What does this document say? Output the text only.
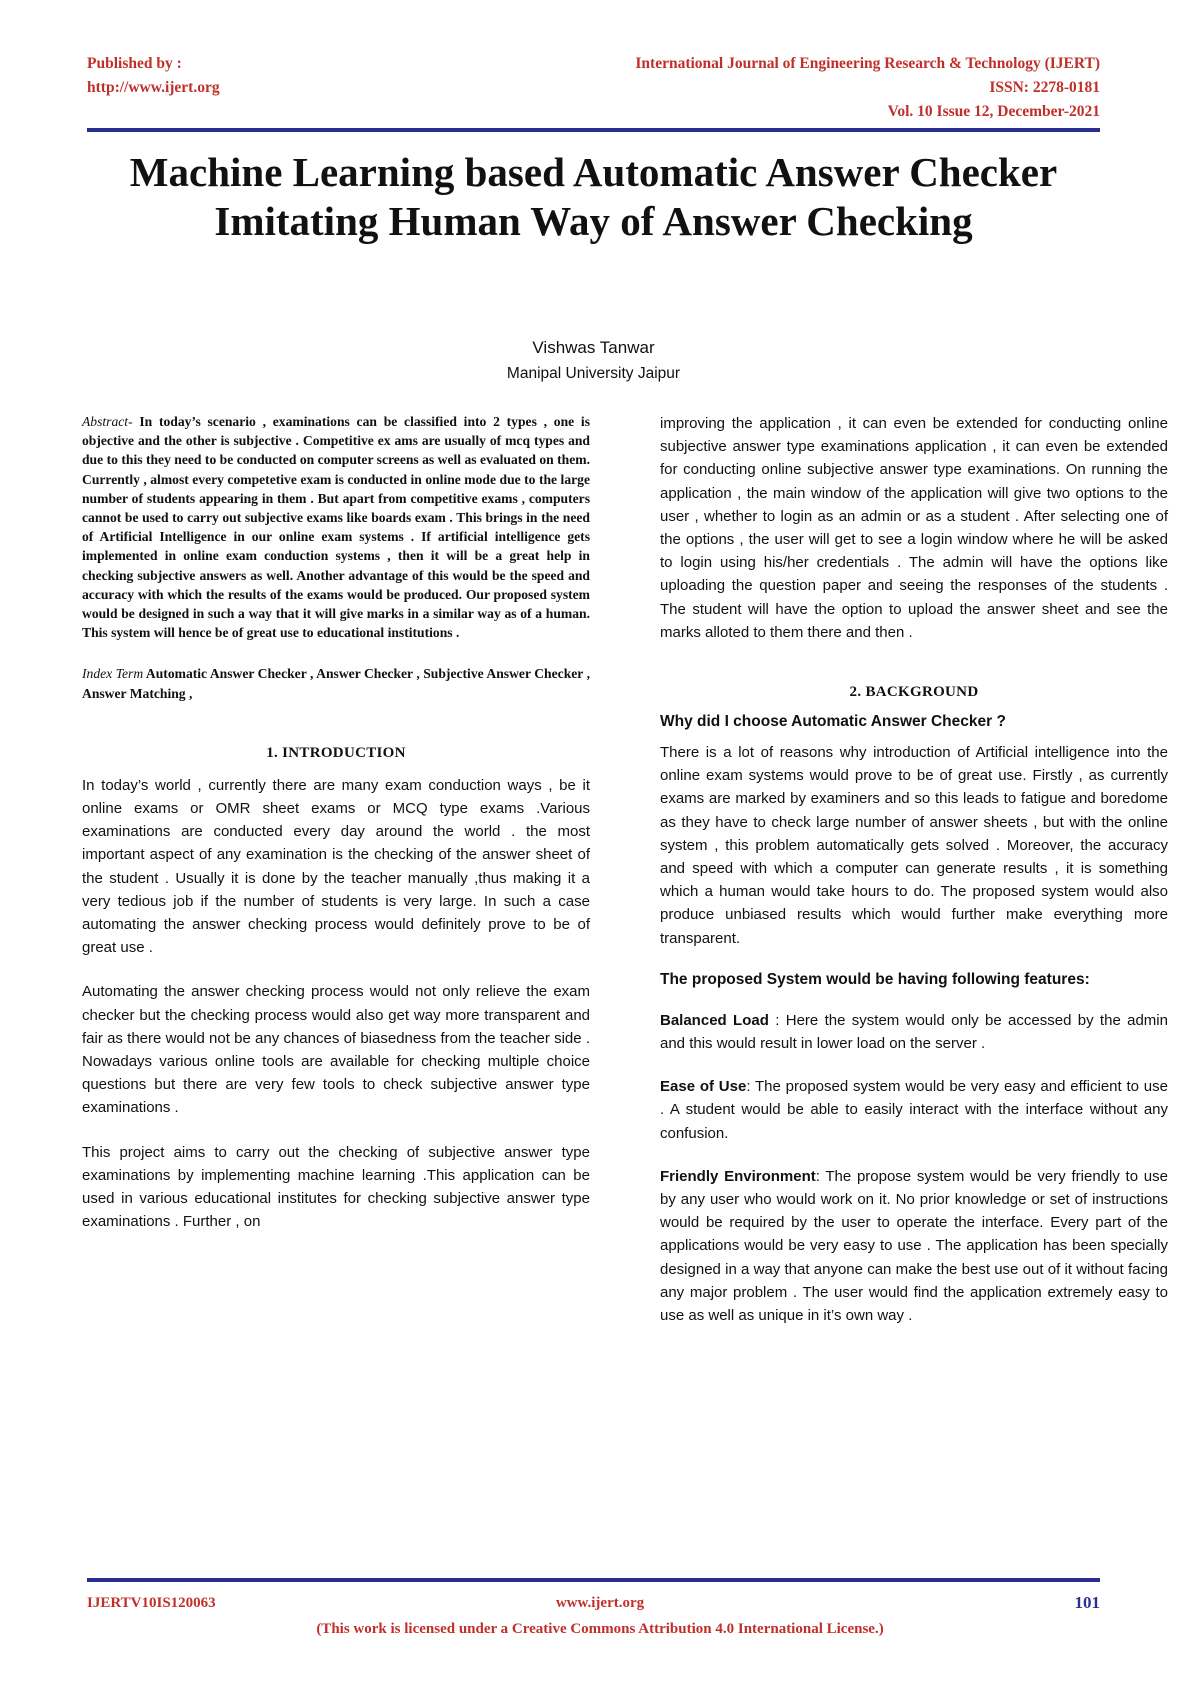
Published by :
http://www.ijert.org
International Journal of Engineering Research & Technology (IJERT)
ISSN: 2278-0181
Vol. 10 Issue 12, December-2021
Machine Learning based Automatic Answer Checker Imitating Human Way of Answer Checking
Vishwas Tanwar
Manipal University Jaipur

Abstract- In today’s scenario , examinations can be classified into 2 types , one is objective and the other is subjective . Competitive ex ams are usually of mcq types and due to this they need to be conducted on computer screens as well as evaluated on them. Currently , almost every competetive exam is conducted in online mode due to the large number of students appearing in them . But apart from competitive exams , computers cannot be used to carry out subjective exams like boards exam . This brings in the need of Artificial Intelligence in our online exam systems . If artificial intelligence gets implemented in online exam conduction systems , then it will be a great help in checking subjective answers as well. Another advantage of this would be the speed and accuracy with which the results of the exams would be produced. Our proposed system would be designed in such a way that it will give marks in a similar way as of a human. This system will hence be of great use to educational institutions .

Index Term Automatic Answer Checker , Answer Checker , Subjective Answer Checker , Answer Matching ,

1. INTRODUCTION

In today’s world , currently there are many exam conduction ways , be it online exams or OMR sheet exams or MCQ type exams .Various examinations are conducted every day around the world . the most important aspect of any examination is the checking of the answer sheet of the student . Usually it is done by the teacher manually ,thus making it a very tedious job if the number of students is very large. In such a case automating the answer checking process would definitely prove to be of great use .

Automating the answer checking process would not only relieve the exam checker but the checking process would also get way more transparent and fair as there would not be any chances of biasedness from the teacher side . Nowadays various online tools are available for checking multiple choice questions but there are very few tools to check subjective answer type examinations .

This project aims to carry out the checking of subjective answer type examinations by implementing machine learning .This application can be used in various educational institutes for checking subjective answer type examinations . Further , on

improving the application , it can even be extended for conducting online subjective answer type examinations application , it can even be extended for conducting online subjective answer type examinations. On running the application , the main window of the application will give two options to the user , whether to login as an admin or as a student . After selecting one of the options , the user will get to see a login window where he will be asked to login using his/her credentials . The admin will have the options like uploading the question paper and seeing the responses of the students . The student will have the option to upload the answer sheet and see the marks alloted to them there and then .

2. BACKGROUND

Why did I choose Automatic Answer Checker ?

There is a lot of reasons why introduction of Artificial intelligence into the online exam systems would prove to be of great use. Firstly , as currently exams are marked by examiners and so this leads to fatigue and boredome as they have to check large number of answer sheets , but with the online system , this problem automatically gets solved . Moreover, the accuracy and speed with which a computer can generate results , it is something which a human would take hours to do. The proposed system would also produce unbiased results which would further make everything more transparent.

The proposed System would be having following features:

Balanced Load : Here the system would only be accessed by the admin and this would result in lower load on the server .

Ease of Use: The proposed system would be very easy and efficient to use . A student would be able to easily interact with the interface without any confusion.

Friendly Environment: The propose system would be very friendly to use by any user who would work on it. No prior knowledge or set of instructions would be required by the user to operate the interface. Every part of the applications would be very easy to use . The application has been specially designed in a way that anyone can make the best use out of it without facing any major problem . The user would find the application extremely easy to use as well as unique in it’s own way .

www.ijert.org
IJERTV10IS120063	101
(This work is licensed under a Creative Commons Attribution 4.0 International License.)
